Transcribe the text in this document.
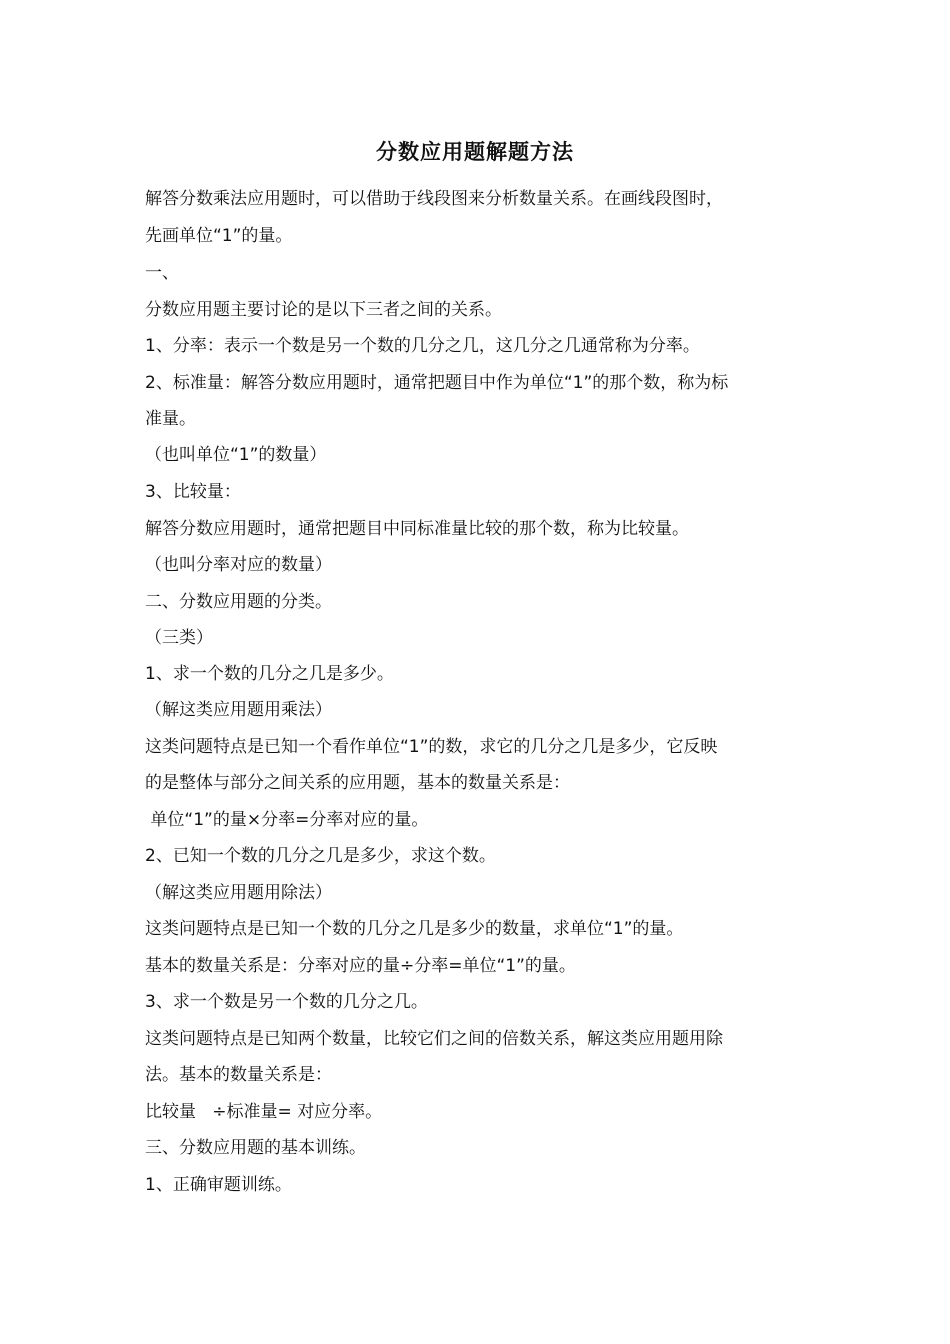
分数应用题解题方法
解答分数乘法应用题时，可以借助于线段图来分析数量关系。在画线段图时，
先画单位“1”的量。
一、
分数应用题主要讨论的是以下三者之间的关系。
1、分率：表示一个数是另一个数的几分之几，这几分之几通常称为分率。
2、标准量：解答分数应用题时，通常把题目中作为单位“1”的那个数，称为标
准量。
（也叫单位“1”的数量）
3、比较量：
解答分数应用题时，通常把题目中同标准量比较的那个数，称为比较量。
（也叫分率对应的数量）
二、分数应用题的分类。
（三类）
1、求一个数的几分之几是多少。
（解这类应用题用乘法）
这类问题特点是已知一个看作单位“1”的数，求它的几分之几是多少，它反映
的是整体与部分之间关系的应用题，基本的数量关系是：
单位“1”的量×分率=分率对应的量。
2、已知一个数的几分之几是多少，求这个数。
（解这类应用题用除法）
这类问题特点是已知一个数的几分之几是多少的数量，求单位“1”的量。
基本的数量关系是：分率对应的量÷分率=单位“1”的量。
3、求一个数是另一个数的几分之几。
这类问题特点是已知两个数量，比较它们之间的倍数关系，解这类应用题用除
法。基本的数量关系是：
比较量   ÷标准量= 对应分率。
三、分数应用题的基本训练。
1、正确审题训练。
